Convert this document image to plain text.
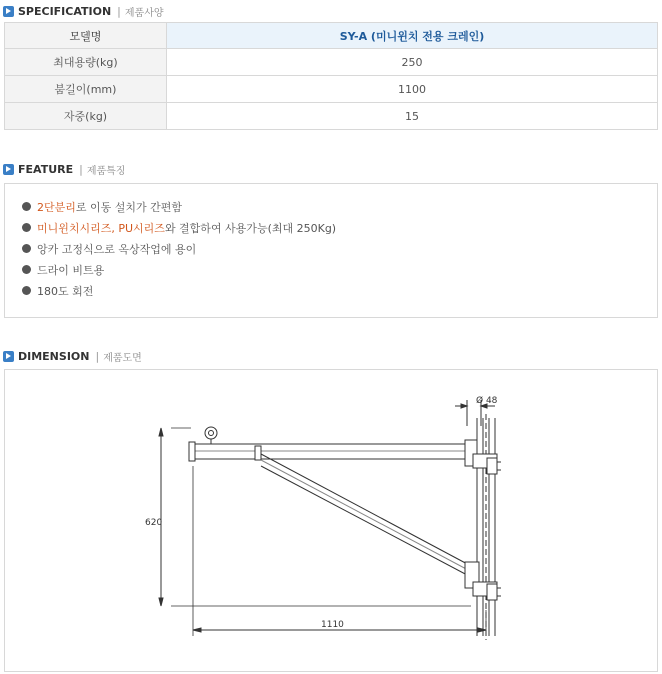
SPECIFICATION | 제품사양
모델명	SY-A (미니윈치 전용 크레인)
최대용량(kg)	250
붐길이(mm)	1100
자중(kg)	15
FEATURE | 제품특징
2단분리 로 이동 설치가 간편함
미니윈치시리즈, PU시리즈 와 결합하여 사용가능(최대 250Kg)
앙카 고정식으로 옥상작업에 용이
드라이 비트용
180도 회전
DIMENSION | 제품도면
Ø 48
620
1110
